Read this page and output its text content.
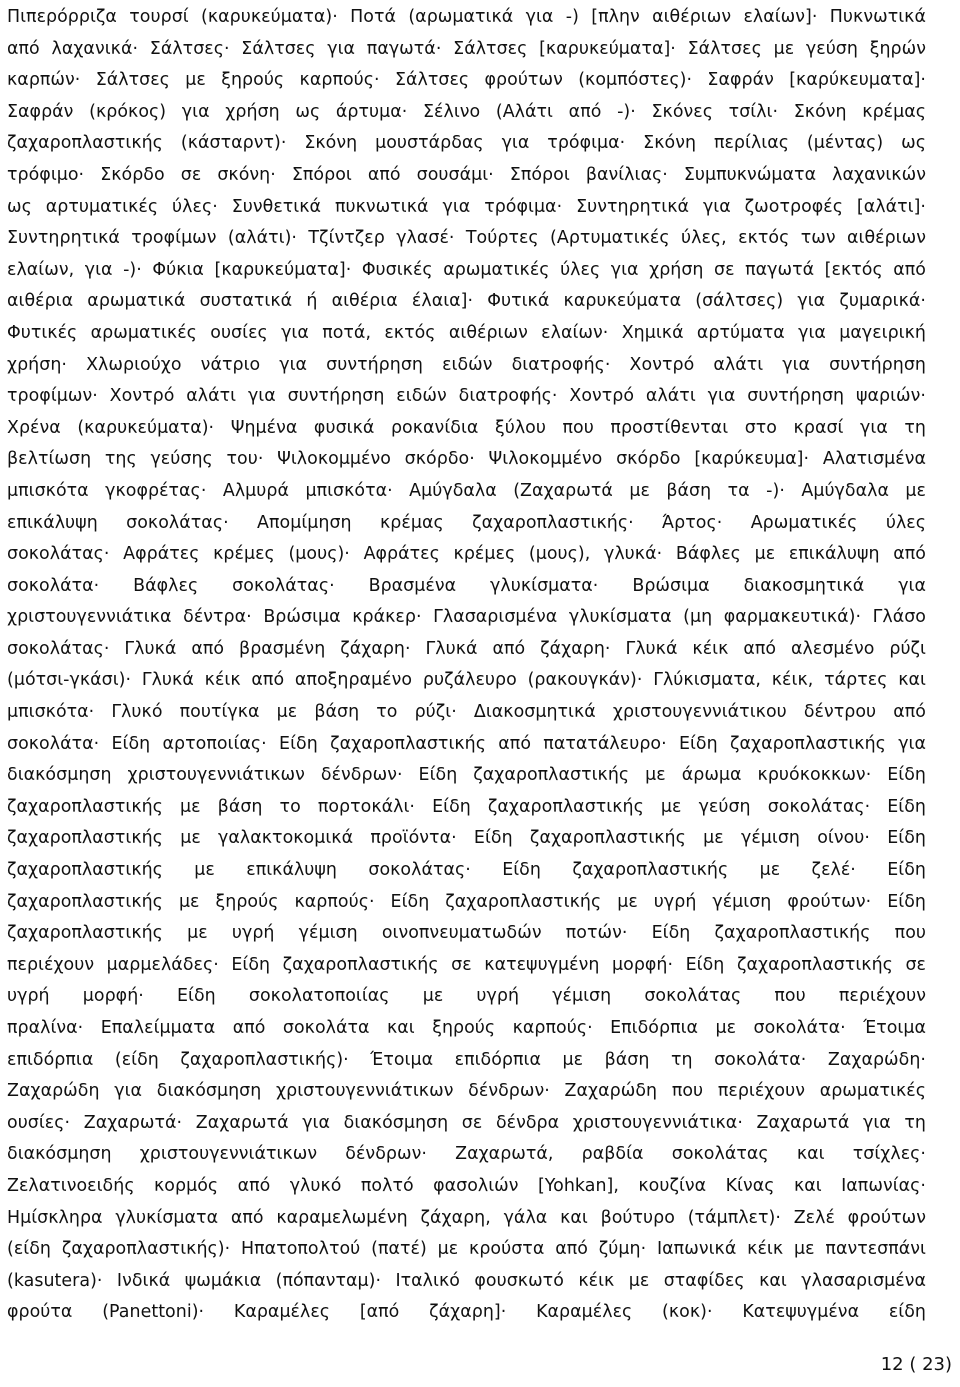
Πιπερόρριζα τουρσί (καρυκεύματα)· Ποτά (αρωματικά για -) [πλην αιθέριων ελαίων]· Πυκνωτικά
από λαχανικά· Σάλτσες· Σάλτσες για παγωτά· Σάλτσες [καρυκεύματα]· Σάλτσες με γεύση ξηρών
καρπών· Σάλτσες με ξηρούς καρπούς· Σάλτσες φρούτων (κομπόστες)· Σαφράν [καρύκευματα]·
Σαφράν (κρόκος) για χρήση ως άρτυμα· Σέλινο (Αλάτι από -)· Σκόνες τσίλι· Σκόνη κρέμας
ζαχαροπλαστικής (κάσταρντ)· Σκόνη μουστάρδας για τρόφιμα· Σκόνη περίλιας (μέντας) ως
τρόφιμο· Σκόρδο σε σκόνη· Σπόροι από σουσάμι· Σπόροι βανίλιας· Συμπυκνώματα λαχανικών
ως αρτυματικές ύλες· Συνθετικά πυκνωτικά για τρόφιμα· Συντηρητικά για ζωοτροφές [αλάτι]·
Συντηρητικά τροφίμων (αλάτι)· Τζίντζερ γλασέ· Τούρτες (Αρτυματικές ύλες, εκτός των αιθέριων
ελαίων, για -)· Φύκια [καρυκεύματα]· Φυσικές αρωματικές ύλες για χρήση σε παγωτά [εκτός από
αιθέρια αρωματικά συστατικά ή αιθέρια έλαια]· Φυτικά καρυκεύματα (σάλτσες) για ζυμαρικά·
Φυτικές αρωματικές ουσίες για ποτά, εκτός αιθέριων ελαίων· Χημικά αρτύματα για μαγειρική
χρήση· Χλωριούχο νάτριο για συντήρηση ειδών διατροφής· Χοντρό αλάτι για συντήρηση
τροφίμων· Χοντρό αλάτι για συντήρηση ειδών διατροφής· Χοντρό αλάτι για συντήρηση ψαριών·
Χρένα (καρυκεύματα)· Ψημένα φυσικά ροκανίδια ξύλου που προστίθενται στο κρασί για τη
βελτίωση της γεύσης του· Ψιλοκομμένο σκόρδο· Ψιλοκομμένο σκόρδο [καρύκευμα]· Αλατισμένα
μπισκότα γκοφρέτας· Αλμυρά μπισκότα· Αμύγδαλα (Ζαχαρωτά με βάση τα -)· Αμύγδαλα με
επικάλυψη σοκολάτας· Απομίμηση κρέμας ζαχαροπλαστικής· Άρτος· Αρωματικές ύλες
σοκολάτας· Αφράτες κρέμες (μους)· Αφράτες κρέμες (μους), γλυκά· Βάφλες με επικάλυψη από
σοκολάτα· Βάφλες σοκολάτας· Βρασμένα γλυκίσματα· Βρώσιμα διακοσμητικά για
χριστουγεννιάτικα δέντρα· Βρώσιμα κράκερ· Γλασαρισμένα γλυκίσματα (μη φαρμακευτικά)· Γλάσο
σοκολάτας· Γλυκά από βρασμένη ζάχαρη· Γλυκά από ζάχαρη· Γλυκά κέικ από αλεσμένο ρύζι
(μότσι-γκάσι)· Γλυκά κέικ από αποξηραμένο ρυζάλευρο (ρακουγκάν)· Γλύκισματα, κέικ, τάρτες και
μπισκότα· Γλυκό πουτίγκα με βάση το ρύζι· Διακοσμητικά χριστουγεννιάτικου δέντρου από
σοκολάτα· Είδη αρτοποιίας· Είδη ζαχαροπλαστικής από πατατάλευρο· Είδη ζαχαροπλαστικής για
διακόσμηση χριστουγεννιάτικων δένδρων· Είδη ζαχαροπλαστικής με άρωμα κρυόκοκκων· Είδη
ζαχαροπλαστικής με βάση το πορτοκάλι· Είδη ζαχαροπλαστικής με γεύση σοκολάτας· Είδη
ζαχαροπλαστικής με γαλακτοκομικά προϊόντα· Είδη ζαχαροπλαστικής με γέμιση οίνου· Είδη
ζαχαροπλαστικής με επικάλυψη σοκολάτας· Είδη ζαχαροπλαστικής με ζελέ· Είδη
ζαχαροπλαστικής με ξηρούς καρπούς· Είδη ζαχαροπλαστικής με υγρή γέμιση φρούτων· Είδη
ζαχαροπλαστικής με υγρή γέμιση οινοπνευματωδών ποτών· Είδη ζαχαροπλαστικής που
περιέχουν μαρμελάδες· Είδη ζαχαροπλαστικής σε κατεψυγμένη μορφή· Είδη ζαχαροπλαστικής σε
υγρή μορφή· Είδη σοκολατοποιίας με υγρή γέμιση σοκολάτας που περιέχουν
πραλίνα· Επαλείμματα από σοκολάτα και ξηρούς καρπούς· Επιδόρπια με σοκολάτα· Έτοιμα
επιδόρπια (είδη ζαχαροπλαστικής)· Έτοιμα επιδόρπια με βάση τη σοκολάτα· Ζαχαρώδη·
Ζαχαρώδη για διακόσμηση χριστουγεννιάτικων δένδρων· Ζαχαρώδη που περιέχουν αρωματικές
ουσίες· Ζαχαρωτά· Ζαχαρωτά για διακόσμηση σε δένδρα χριστουγεννιάτικα· Ζαχαρωτά για τη
διακόσμηση χριστουγεννιάτικων δένδρων· Ζαχαρωτά, ραβδία σοκολάτας και τσίχλες·
Ζελατινοειδής κορμός από γλυκό πολτό φασολιών [Yohkan], κουζίνα Κίνας και Ιαπωνίας·
Ημίσκληρα γλυκίσματα από καραμελωμένη ζάχαρη, γάλα και βούτυρο (τάμπλετ)· Ζελέ φρούτων
(είδη ζαχαροπλαστικής)· Ηπατοπολτού (πατέ) με κρούστα από ζύμη· Ιαπωνικά κέικ με παντεσπάνι
(kasutera)· Ινδικά ψωμάκια (πόπανταμ)· Ιταλικό φουσκωτό κέικ με σταφίδες και γλασαρισμένα
φρούτα (Panettoni)· Καραμέλες [από ζάχαρη]· Καραμέλες (κοκ)· Κατεψυγμένα είδη

12 ( 23)
